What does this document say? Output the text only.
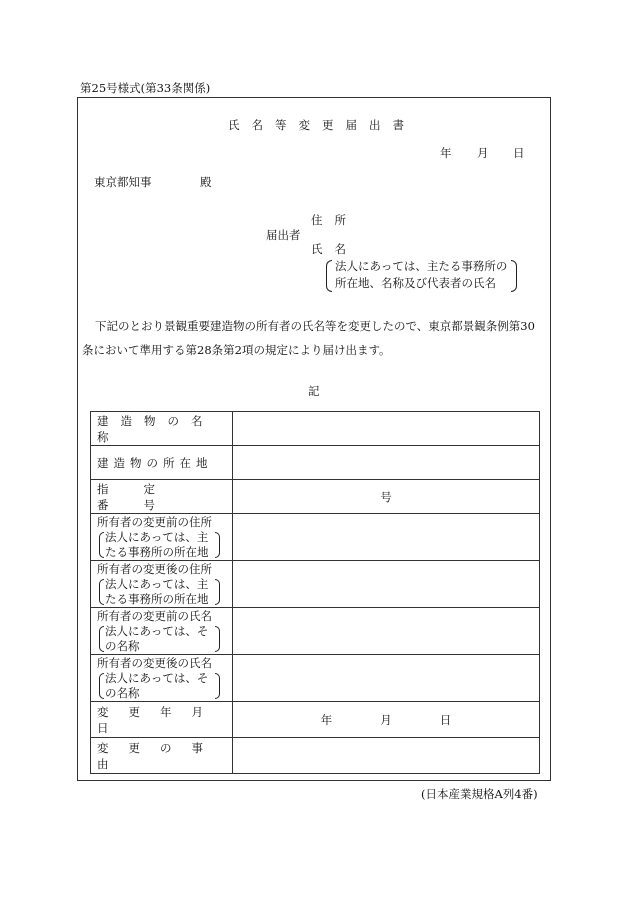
第25号様式(第33条関係)
氏名等変更届出書
年 月 日
東京都知事	殿
住所
届出者
氏名
法人にあっては、主たる事務所の
所在地、名称及び代表者の氏名
下記のとおり景観重要建造物の所有者の氏名等を変更したので、東京都景観条例第30
条において準用する第28条第2項の規定により届け出ます。
記
建造物の名称	

建造物の所在地	

指定番号	号

所有者の変更前の住所
法人にあっては、主
たる事務所の所在地	

所有者の変更後の住所
法人にあっては、主
たる事務所の所在地	

所有者の変更前の氏名
法人にあっては、そ
の名称	

所有者の変更後の氏名
法人にあっては、そ
の名称	

変更年月日	年 月 日

変更の事由	

(日本産業規格A列4番)
